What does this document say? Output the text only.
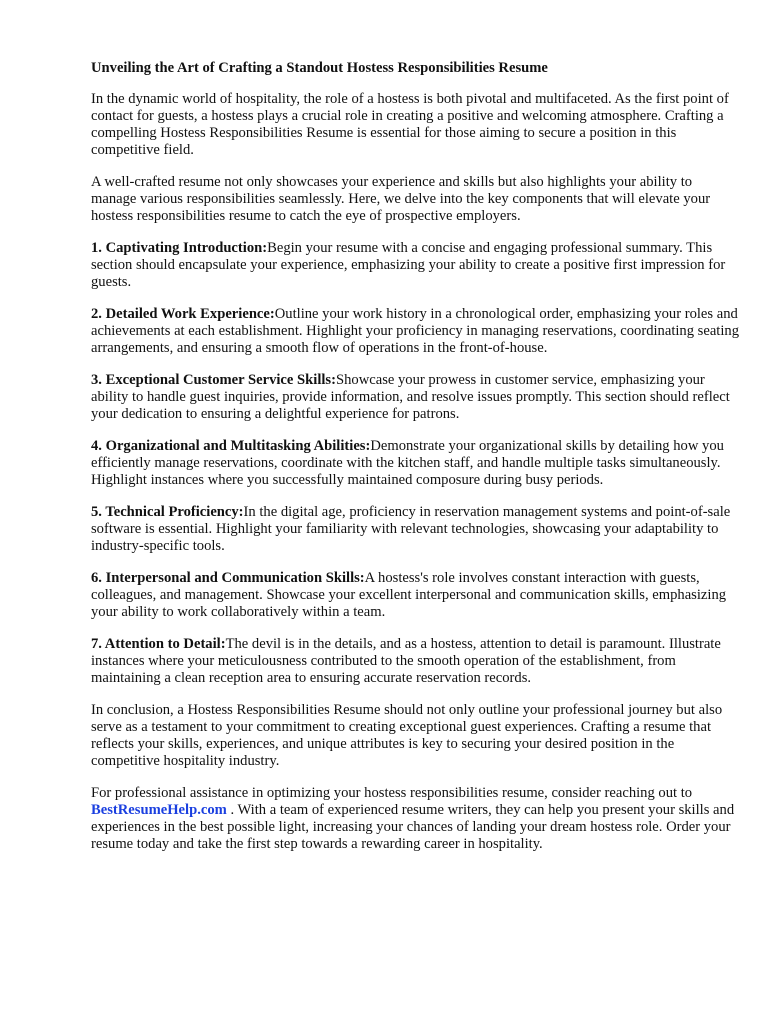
Unveiling the Art of Crafting a Standout Hostess Responsibilities Resume

In the dynamic world of hospitality, the role of a hostess is both pivotal and multifaceted. As the first point of contact for guests, a hostess plays a crucial role in creating a positive and welcoming atmosphere. Crafting a compelling Hostess Responsibilities Resume is essential for those aiming to secure a position in this competitive field.

A well-crafted resume not only showcases your experience and skills but also highlights your ability to manage various responsibilities seamlessly. Here, we delve into the key components that will elevate your hostess responsibilities resume to catch the eye of prospective employers.

1. Captivating Introduction:Begin your resume with a concise and engaging professional summary. This section should encapsulate your experience, emphasizing your ability to create a positive first impression for guests.

2. Detailed Work Experience:Outline your work history in a chronological order, emphasizing your roles and achievements at each establishment. Highlight your proficiency in managing reservations, coordinating seating arrangements, and ensuring a smooth flow of operations in the front-of-house.

3. Exceptional Customer Service Skills:Showcase your prowess in customer service, emphasizing your ability to handle guest inquiries, provide information, and resolve issues promptly. This section should reflect your dedication to ensuring a delightful experience for patrons.

4. Organizational and Multitasking Abilities:Demonstrate your organizational skills by detailing how you efficiently manage reservations, coordinate with the kitchen staff, and handle multiple tasks simultaneously. Highlight instances where you successfully maintained composure during busy periods.

5. Technical Proficiency:In the digital age, proficiency in reservation management systems and point-of-sale software is essential. Highlight your familiarity with relevant technologies, showcasing your adaptability to industry-specific tools.

6. Interpersonal and Communication Skills:A hostess's role involves constant interaction with guests, colleagues, and management. Showcase your excellent interpersonal and communication skills, emphasizing your ability to work collaboratively within a team.

7. Attention to Detail:The devil is in the details, and as a hostess, attention to detail is paramount. Illustrate instances where your meticulousness contributed to the smooth operation of the establishment, from maintaining a clean reception area to ensuring accurate reservation records.

In conclusion, a Hostess Responsibilities Resume should not only outline your professional journey but also serve as a testament to your commitment to creating exceptional guest experiences. Crafting a resume that reflects your skills, experiences, and unique attributes is key to securing your desired position in the competitive hospitality industry.

For professional assistance in optimizing your hostess responsibilities resume, consider reaching out to BestResumeHelp.com . With a team of experienced resume writers, they can help you present your skills and experiences in the best possible light, increasing your chances of landing your dream hostess role. Order your resume today and take the first step towards a rewarding career in hospitality.
